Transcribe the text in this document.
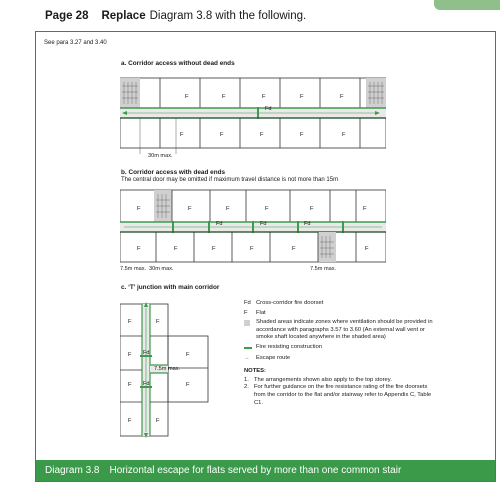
Page 28 Replace Diagram 3.8 with the following.
See para 3.27 and 3.40
a. Corridor access without dead ends
Fd
F	F	F	F	F
F	F	F	F	F
30m max.
b. Corridor access with dead ends
The central door may be omitted if maximum travel distance is not more than 15m
Fd	Fd	Fd
F	F	F	F	F	F
F	F	F	F	F	F
7.5m max. 30m max.	7.5m max.
c. ‘T’ junction with main corridor
Fd
Fd
F	F
F	F
F	F
F	F
7.5m max.
Fd Cross-corridor fire doorset
F	Flat
Shaded areas indicate zones where ventilation should be provided in accordance with paragraphs 3.57 to 3.60 (An external wall vent or smoke shaft located anywhere in the shaded area)
Fire resisting construction
→	Escape route
NOTES:
1. The arrangements shown also apply to the top storey.
2. For further guidance on the fire resistance rating of the fire doorsets from the corridor to the flat and/or stairway refer to Appendix C, Table C1.
Diagram 3.8 Horizontal escape for flats served by more than one common stair
